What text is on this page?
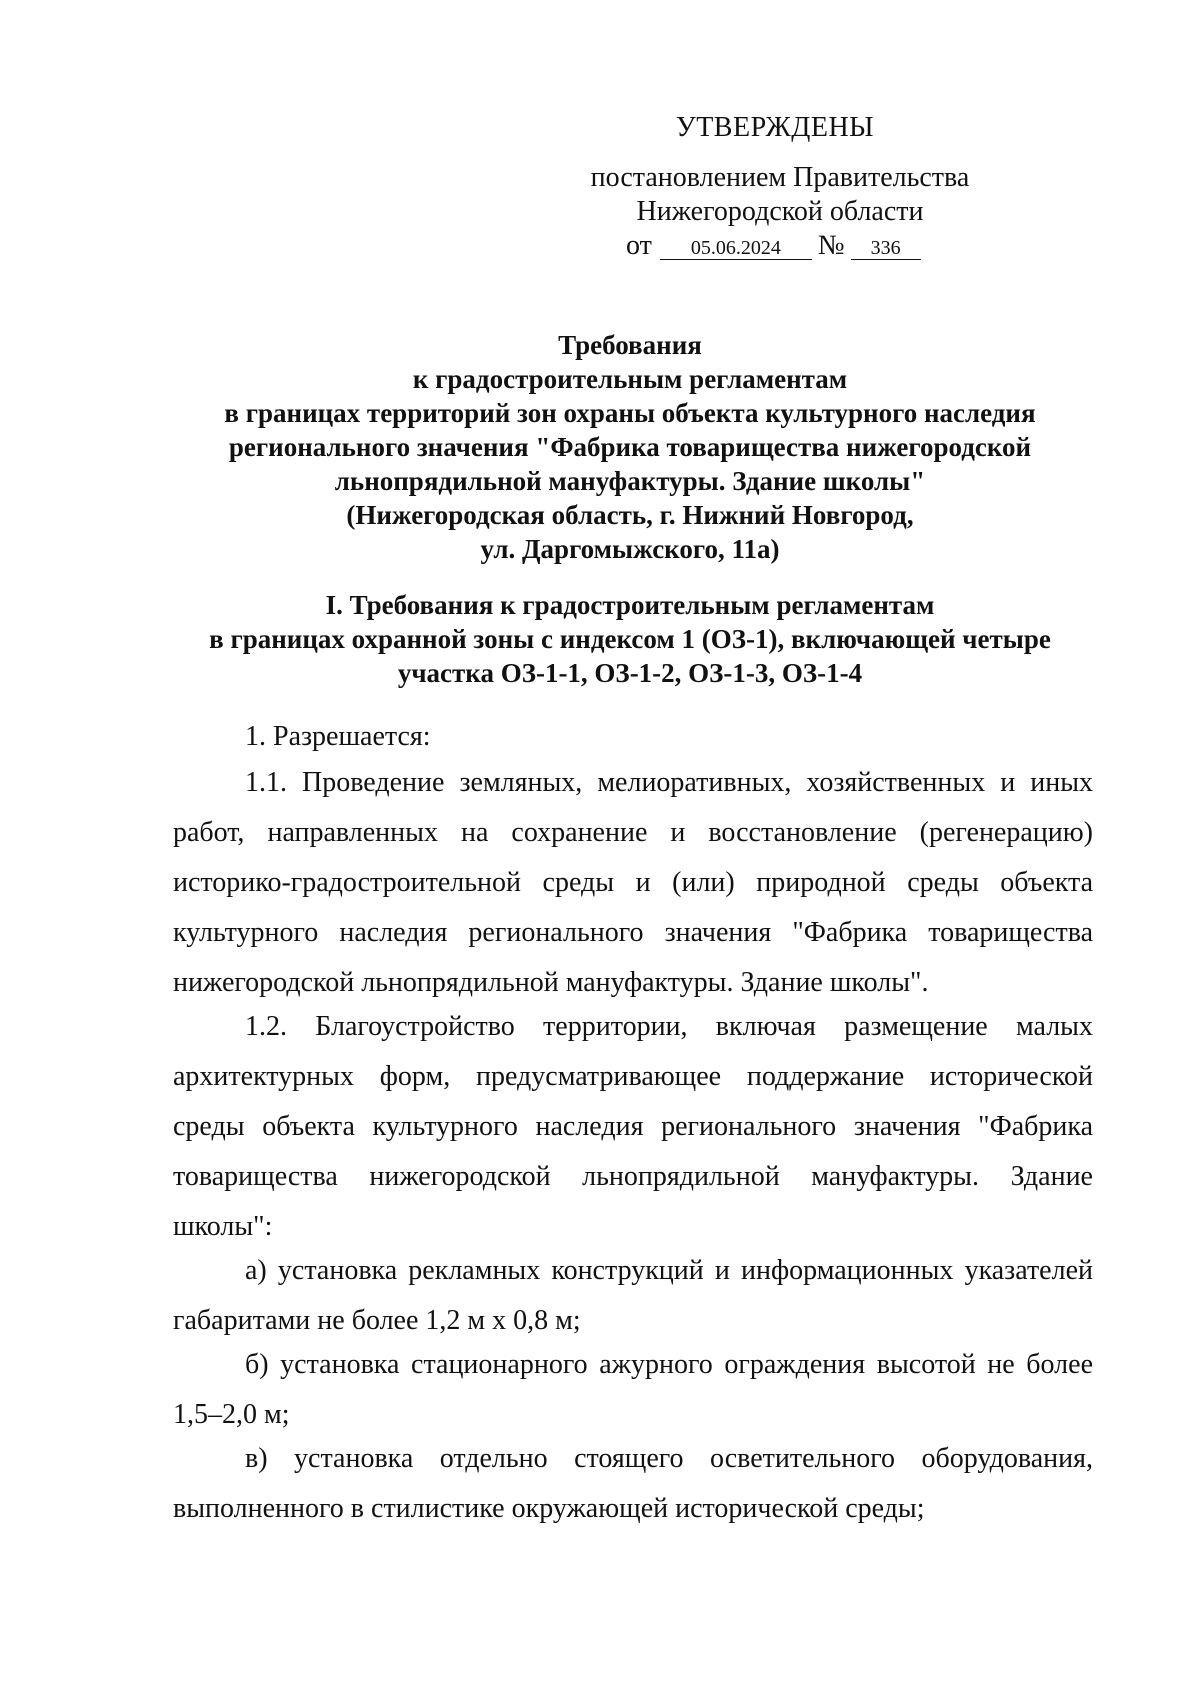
УТВЕРЖДЕНЫ
постановлением Правительства
Нижегородской области
от 05.06.2024 № 336
Требования
к градостроительным регламентам
в границах территорий зон охраны объекта культурного наследия
регионального значения "Фабрика товарищества нижегородской
льнопрядильной мануфактуры. Здание школы"
(Нижегородская область, г. Нижний Новгород,
ул. Даргомыжского, 11а)
I. Требования к градостроительным регламентам
в границах охранной зоны с индексом 1 (ОЗ-1), включающей четыре
участка ОЗ-1-1, ОЗ-1-2, ОЗ-1-3, ОЗ-1-4

1. Разрешается:

1.1. Проведение земляных, мелиоративных, хозяйственных и иных работ, направленных на сохранение и восстановление (регенерацию) историко-градостроительной среды и (или) природной среды объекта культурного наследия регионального значения "Фабрика товарищества нижегородской льнопрядильной мануфактуры. Здание школы".

1.2. Благоустройство территории, включая размещение малых архитектурных форм, предусматривающее поддержание исторической среды объекта культурного наследия регионального значения "Фабрика товарищества нижегородской льнопрядильной мануфактуры. Здание школы":

а) установка рекламных конструкций и информационных указателей габаритами не более 1,2 м х 0,8 м;

б) установка стационарного ажурного ограждения высотой не более 1,5–2,0 м;

в) установка отдельно стоящего осветительного оборудования, выполненного в стилистике окружающей исторической среды;
